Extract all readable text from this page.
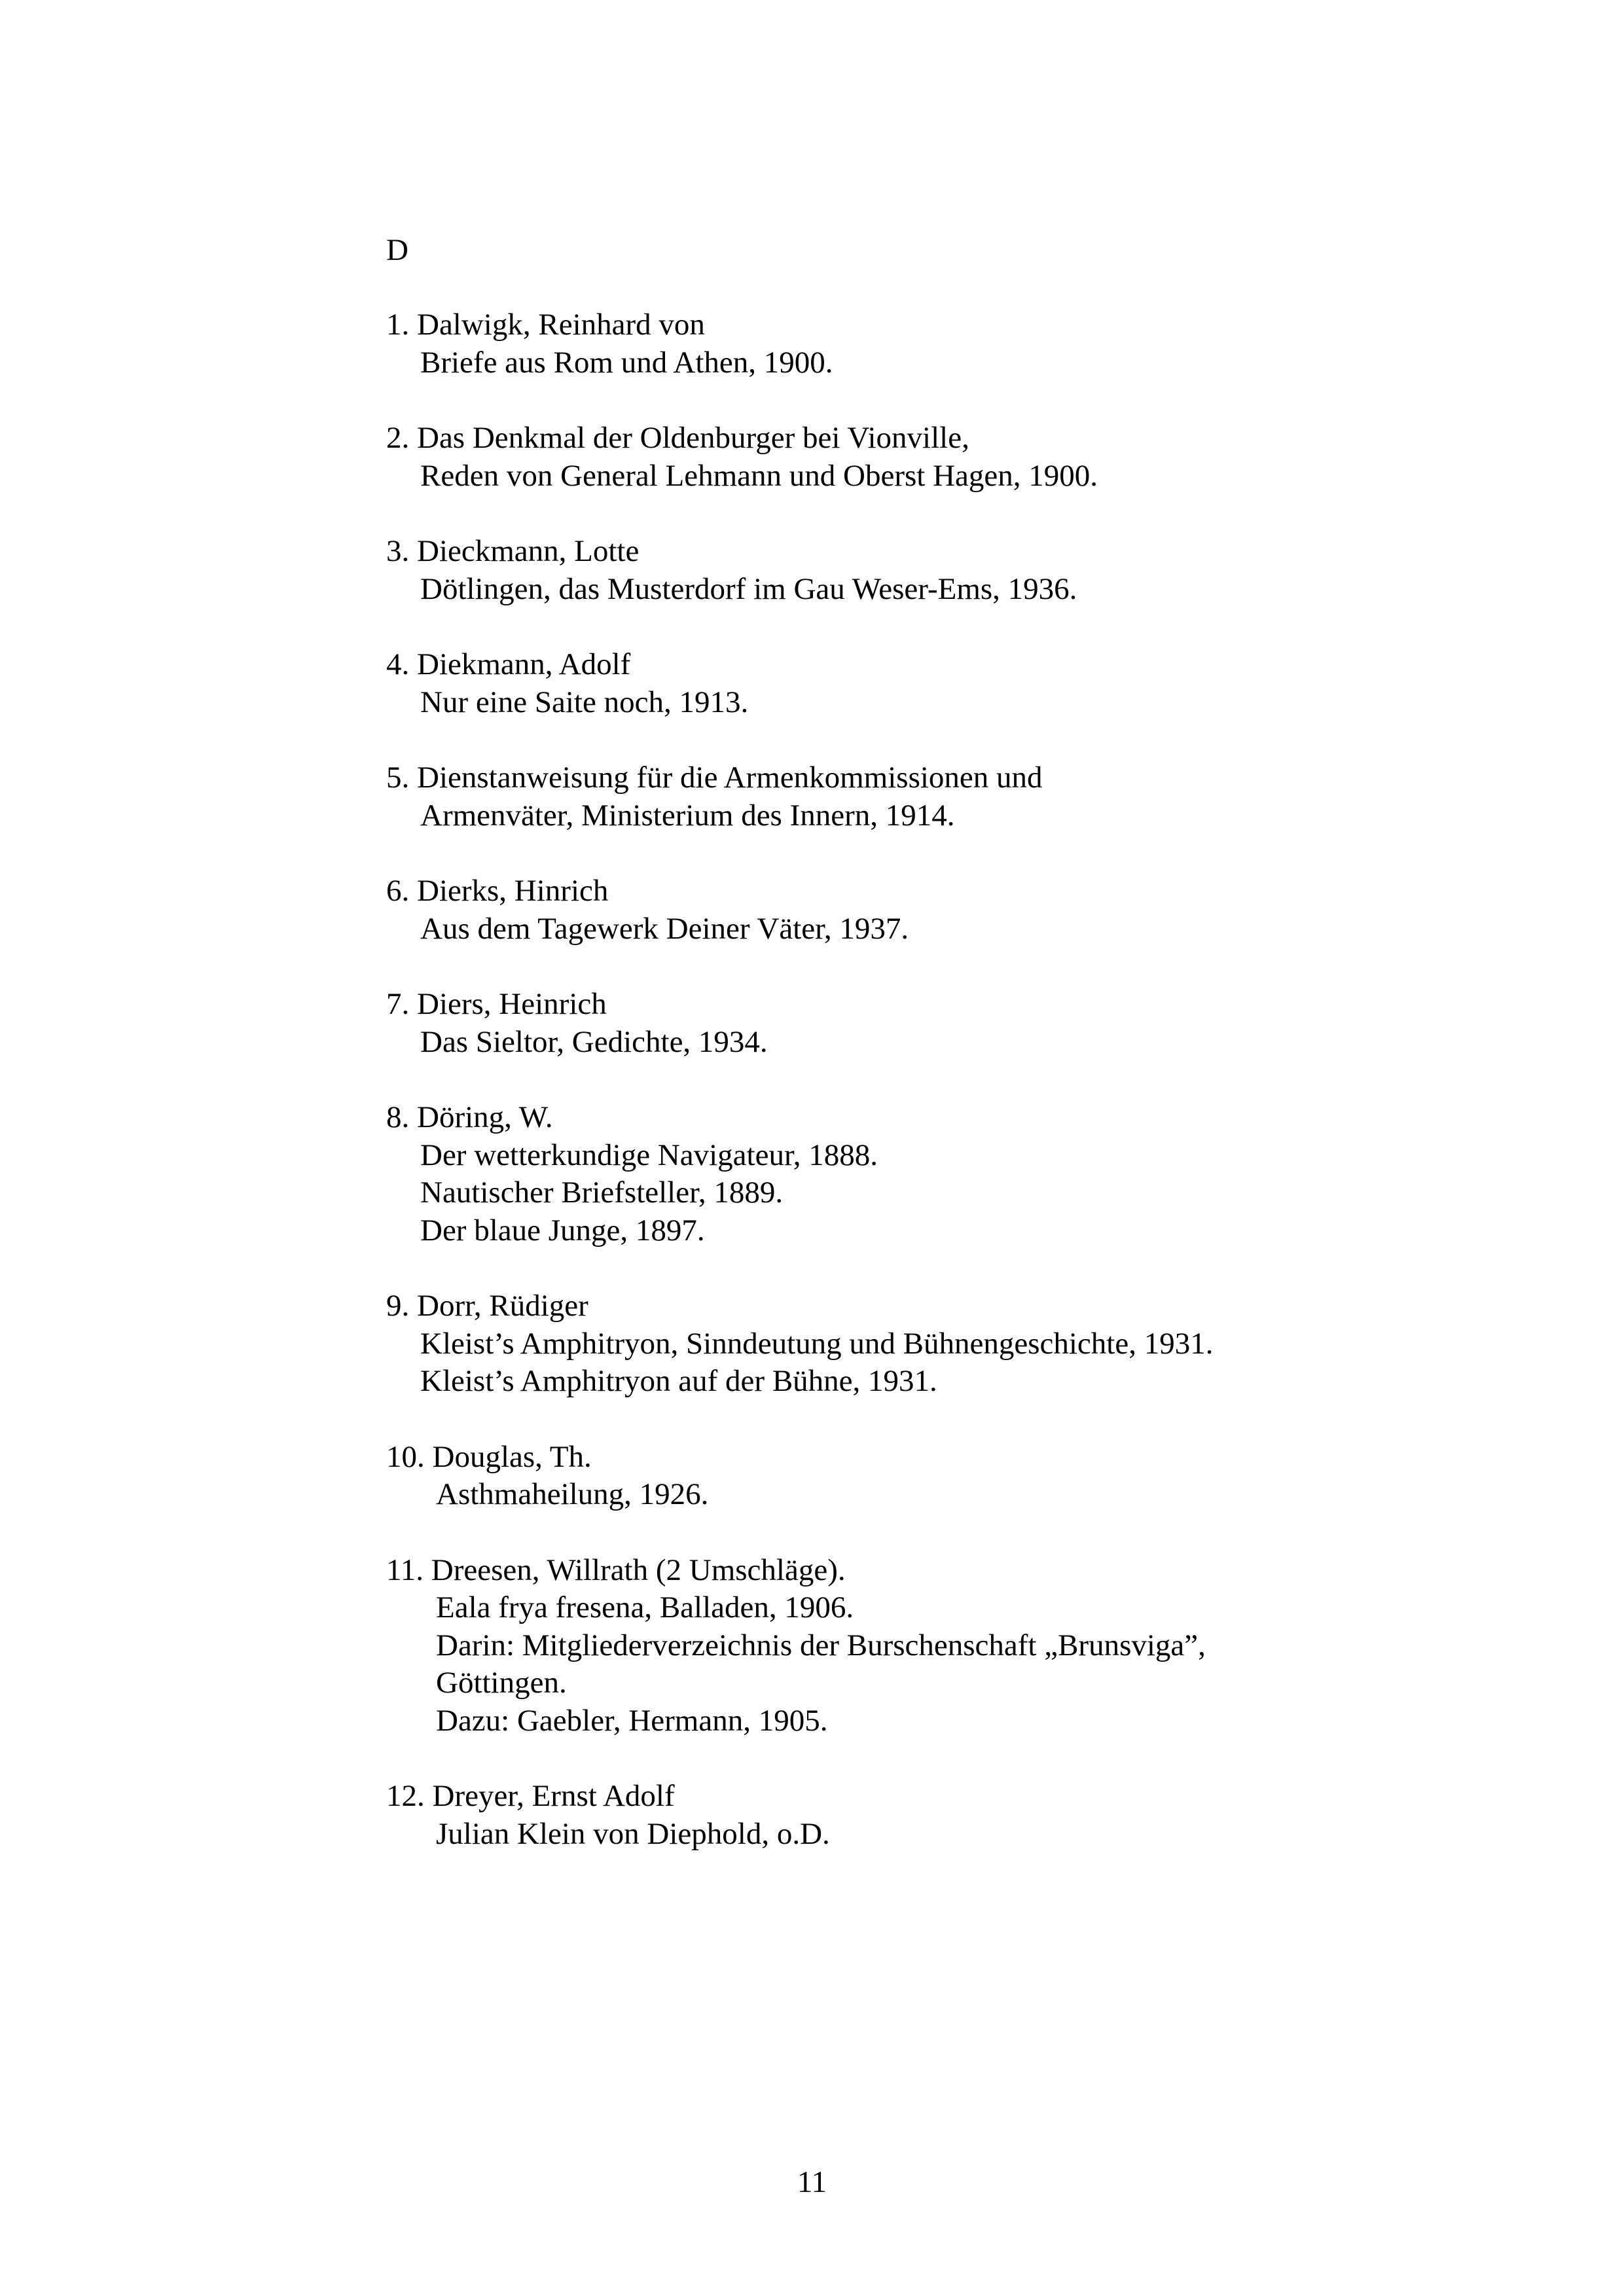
D

1. Dalwigk, Reinhard von
Briefe aus Rom und Athen, 1900.
2. Das Denkmal der Oldenburger bei Vionville,
Reden von General Lehmann und Oberst Hagen, 1900.
3. Dieckmann, Lotte
Dötlingen, das Musterdorf im Gau Weser-Ems, 1936.
4. Diekmann, Adolf
Nur eine Saite noch, 1913.
5. Dienstanweisung für die Armenkommissionen und
Armenväter, Ministerium des Innern, 1914.
6. Dierks, Hinrich
Aus dem Tagewerk Deiner Väter, 1937.
7. Diers, Heinrich
Das Sieltor, Gedichte, 1934.
8. Döring, W.
Der wetterkundige Navigateur, 1888.
Nautischer Briefsteller, 1889.
Der blaue Junge, 1897.
9. Dorr, Rüdiger
Kleist’s Amphitryon, Sinndeutung und Bühnengeschichte, 1931.
Kleist’s Amphitryon auf der Bühne, 1931.
10. Douglas, Th.
Asthmaheilung, 1926.
11. Dreesen, Willrath (2 Umschläge).
Eala frya fresena, Balladen, 1906.
Darin: Mitgliederverzeichnis der Burschenschaft „Brunsviga”,
Göttingen.
Dazu: Gaebler, Hermann, 1905.
12. Dreyer, Ernst Adolf
Julian Klein von Diephold, o.D.

11
